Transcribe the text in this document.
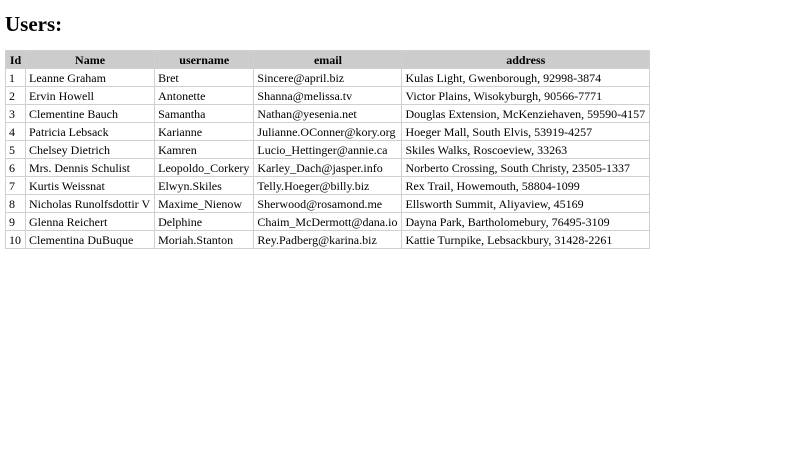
Users:
Id	Name	username	email	address
1	Leanne Graham	Bret	Sincere@april.biz	Kulas Light, Gwenborough, 92998-3874
2	Ervin Howell	Antonette	Shanna@melissa.tv	Victor Plains, Wisokyburgh, 90566-7771
3	Clementine Bauch	Samantha	Nathan@yesenia.net	Douglas Extension, McKenziehaven, 59590-4157
4	Patricia Lebsack	Karianne	Julianne.OConner@kory.org	Hoeger Mall, South Elvis, 53919-4257
5	Chelsey Dietrich	Kamren	Lucio_Hettinger@annie.ca	Skiles Walks, Roscoeview, 33263
6	Mrs. Dennis Schulist	Leopoldo_Corkery	Karley_Dach@jasper.info	Norberto Crossing, South Christy, 23505-1337
7	Kurtis Weissnat	Elwyn.Skiles	Telly.Hoeger@billy.biz	Rex Trail, Howemouth, 58804-1099
8	Nicholas Runolfsdottir V	Maxime_Nienow	Sherwood@rosamond.me	Ellsworth Summit, Aliyaview, 45169
9	Glenna Reichert	Delphine	Chaim_McDermott@dana.io	Dayna Park, Bartholomebury, 76495-3109
10	Clementina DuBuque	Moriah.Stanton	Rey.Padberg@karina.biz	Kattie Turnpike, Lebsackbury, 31428-2261
